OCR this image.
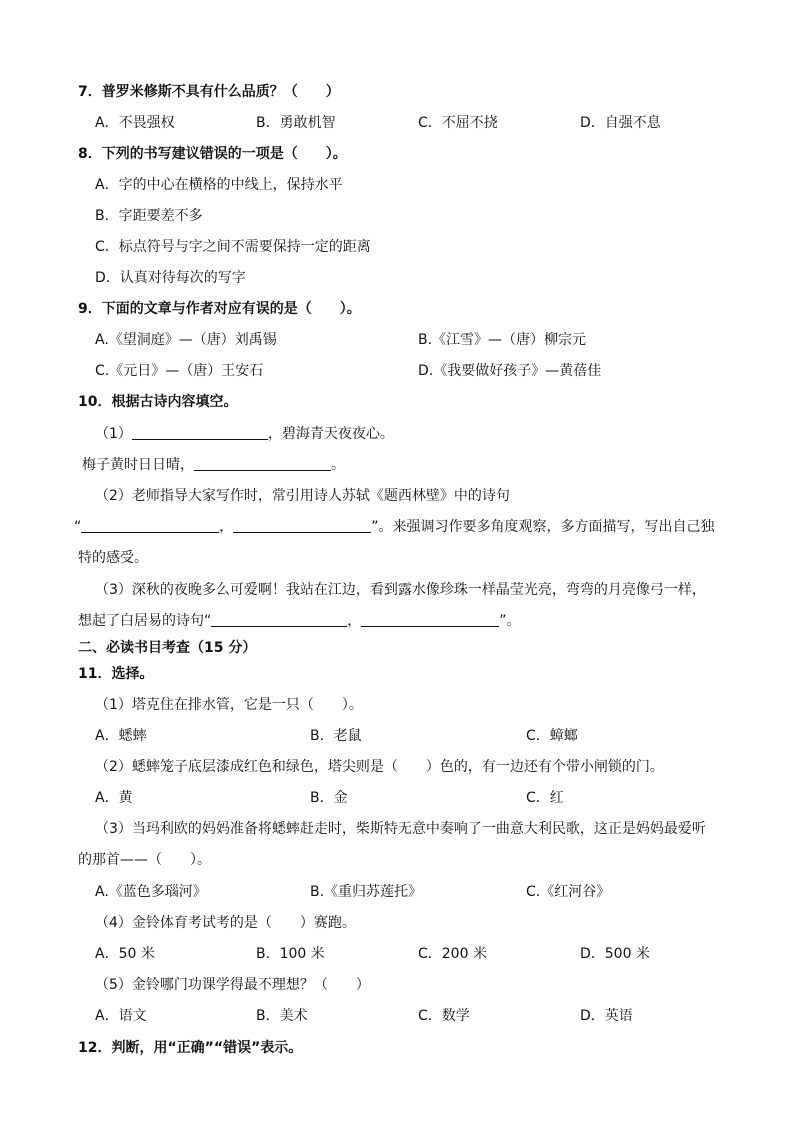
7．普罗米修斯不具有什么品质？（　　）
A．不畏强权	B．勇敢机智	C．不屈不挠	D．自强不息
8．下列的书写建议错误的一项是（　　）。
A．字的中心在横格的中线上，保持水平
B．字距要差不多
C．标点符号与字之间不需要保持一定的距离
D．认真对待每次的写字
9．下面的文章与作者对应有误的是（　　）。
A.《望洞庭》—（唐）刘禹锡	B.《江雪》—（唐）柳宗元
C.《元日》—（唐）王安石	D.《我要做好孩子》—黄蓓佳
10．根据古诗内容填空。
（1）	，碧海青天夜夜心。
梅子黄时日日晴，	。
（2）老师指导大家写作时，常引用诗人苏轼《题西林壁》中的诗句
“	，	”。来强调习作要多角度观察，多方面描写，写出自己独
特的感受。
（3）深秋的夜晚多么可爱啊！我站在江边，看到露水像珍珠一样晶莹光亮，弯弯的月亮像弓一样，
想起了白居易的诗句“	，	”。
二、必读书目考查（15 分）
11．选择。
（1）塔克住在排水管，它是一只（　　）。
A．蟋蟀	B．老鼠	C．蟑螂
（2）蟋蟀笼子底层漆成红色和绿色，塔尖则是（　　）色的，有一边还有个带小闸锁的门。
A．黄	B．金	C．红
（3）当玛利欧的妈妈准备将蟋蟀赶走时，柴斯特无意中奏响了一曲意大利民歌，这正是妈妈最爱听
的那首——（　　）。
A.《蓝色多瑙河》	B.《重归苏莲托》	C.《红河谷》
（4）金铃体育考试考的是（　　）赛跑。
A．50 米	B．100 米	C．200 米	D．500 米
（5）金铃哪门功课学得最不理想？（　　）
A．语文	B．美术	C．数学	D．英语
12．判断，用“正确”“错误”表示。
